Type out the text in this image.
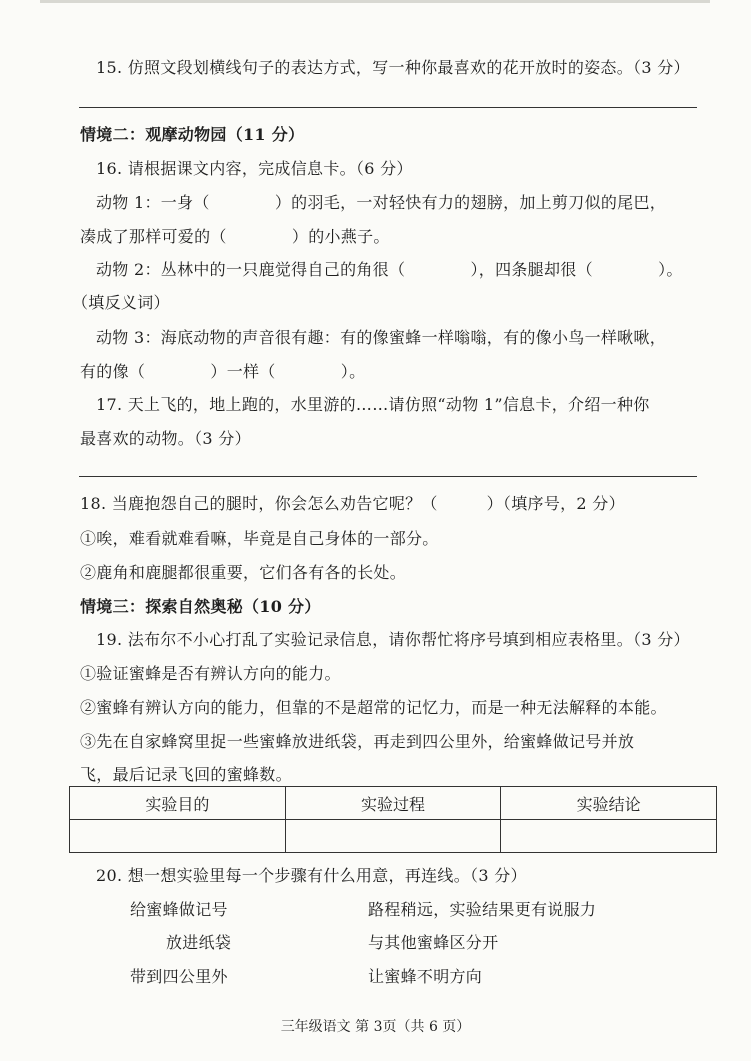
15. 仿照文段划横线句子的表达方式，写一种你最喜欢的花开放时的姿态。（3 分）
情境二：观摩动物园（11 分）
16. 请根据课文内容，完成信息卡。（6 分）
动物 1：一身（　　　　）的羽毛，一对轻快有力的翅膀，加上剪刀似的尾巴，
凑成了那样可爱的（　　　　）的小燕子。
动物 2：丛林中的一只鹿觉得自己的角很（　　　　），四条腿却很（　　　　）。
（填反义词）
动物 3：海底动物的声音很有趣：有的像蜜蜂一样嗡嗡，有的像小鸟一样啾啾，
有的像（　　　　）一样（　　　　）。
17. 天上飞的，地上跑的，水里游的……请仿照“动物 1”信息卡，介绍一种你
最喜欢的动物。（3 分）
18. 当鹿抱怨自己的腿时，你会怎么劝告它呢？（　　　）（填序号，2 分）
①唉，难看就难看嘛，毕竟是自己身体的一部分。
②鹿角和鹿腿都很重要，它们各有各的长处。
情境三：探索自然奥秘（10 分）
19. 法布尔不小心打乱了实验记录信息，请你帮忙将序号填到相应表格里。（3 分）
①验证蜜蜂是否有辨认方向的能力。
②蜜蜂有辨认方向的能力，但靠的不是超常的记忆力，而是一种无法解释的本能。
③先在自家蜂窝里捉一些蜜蜂放进纸袋，再走到四公里外，给蜜蜂做记号并放
飞，最后记录飞回的蜜蜂数。
实验目的	实验过程	实验结论

20. 想一想实验里每一个步骤有什么用意，再连线。（3 分）
给蜜蜂做记号
放进纸袋
带到四公里外
路程稍远，实验结果更有说服力
与其他蜜蜂区分开
让蜜蜂不明方向
三年级语文 第 3页（共 6 页）
